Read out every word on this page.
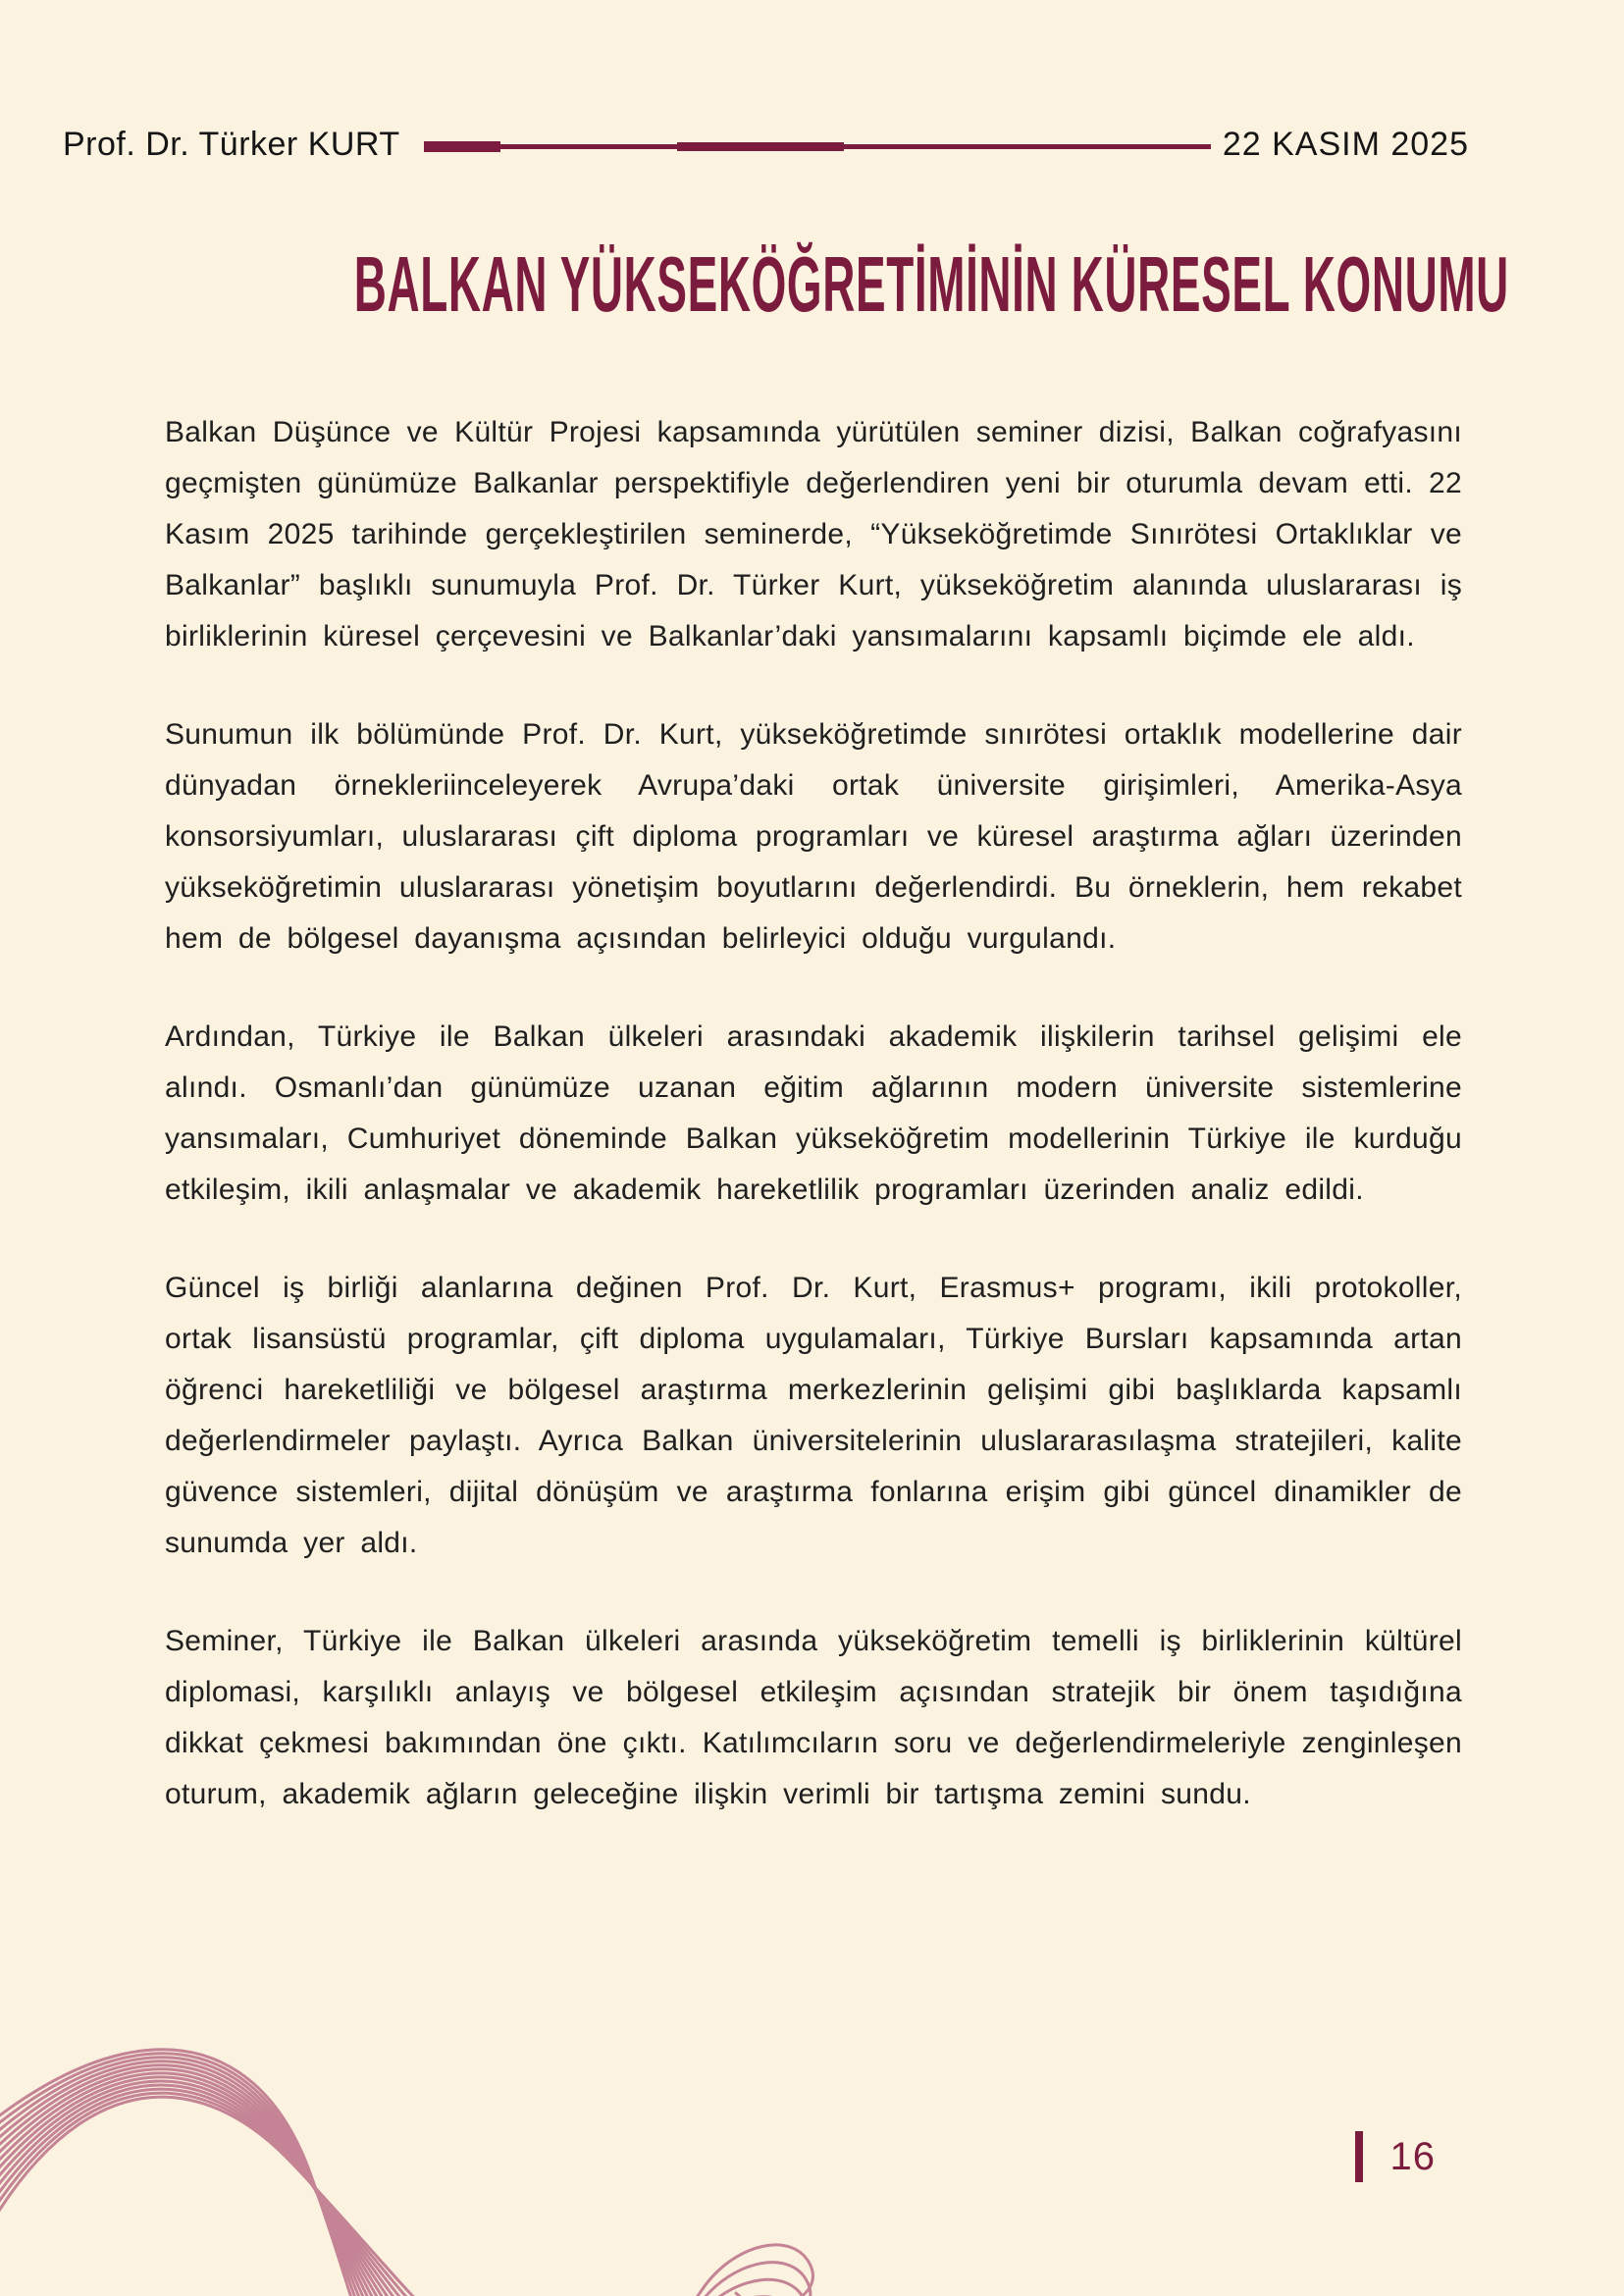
Prof. Dr. Türker KURT	22 KASIM 2025
BALKAN YÜKSEKÖĞRETİMİNİN KÜRESEL KONUMU

Balkan Düşünce ve Kültür Projesi kapsamında yürütülen seminer dizisi, Balkan coğrafyasını geçmişten günümüze Balkanlar perspektifiyle değerlendiren yeni bir oturumla devam etti. 22 Kasım 2025 tarihinde gerçekleştirilen seminerde, “Yükseköğretimde Sınırötesi Ortaklıklar ve Balkanlar” başlıklı sunumuyla Prof. Dr. Türker Kurt, yükseköğretim alanında uluslararası iş birliklerinin küresel çerçevesini ve Balkanlar’daki yansımalarını kapsamlı biçimde ele aldı.

Sunumun ilk bölümünde Prof. Dr. Kurt, yükseköğretimde sınırötesi ortaklık modellerine dair dünyadan örnekleriinceleyerek Avrupa’daki ortak üniversite girişimleri, Amerika-Asya konsorsiyumları, uluslararası çift diploma programları ve küresel araştırma ağları üzerinden yükseköğretimin uluslararası yönetişim boyutlarını değerlendirdi. Bu örneklerin, hem rekabet hem de bölgesel dayanışma açısından belirleyici olduğu vurgulandı.

Ardından, Türkiye ile Balkan ülkeleri arasındaki akademik ilişkilerin tarihsel gelişimi ele alındı. Osmanlı’dan günümüze uzanan eğitim ağlarının modern üniversite sistemlerine yansımaları, Cumhuriyet döneminde Balkan yükseköğretim modellerinin Türkiye ile kurduğu etkileşim, ikili anlaşmalar ve akademik hareketlilik programları üzerinden analiz edildi.

Güncel iş birliği alanlarına değinen Prof. Dr. Kurt, Erasmus+ programı, ikili protokoller, ortak lisansüstü programlar, çift diploma uygulamaları, Türkiye Bursları kapsamında artan öğrenci hareketliliği ve bölgesel araştırma merkezlerinin gelişimi gibi başlıklarda kapsamlı değerlendirmeler paylaştı. Ayrıca Balkan üniversitelerinin uluslararasılaşma stratejileri, kalite güvence sistemleri, dijital dönüşüm ve araştırma fonlarına erişim gibi güncel dinamikler de sunumda yer aldı.

Seminer, Türkiye ile Balkan ülkeleri arasında yükseköğretim temelli iş birliklerinin kültürel diplomasi, karşılıklı anlayış ve bölgesel etkileşim açısından stratejik bir önem taşıdığına dikkat çekmesi bakımından öne çıktı. Katılımcıların soru ve değerlendirmeleriyle zenginleşen oturum, akademik ağların geleceğine ilişkin verimli bir tartışma zemini sundu.

16
